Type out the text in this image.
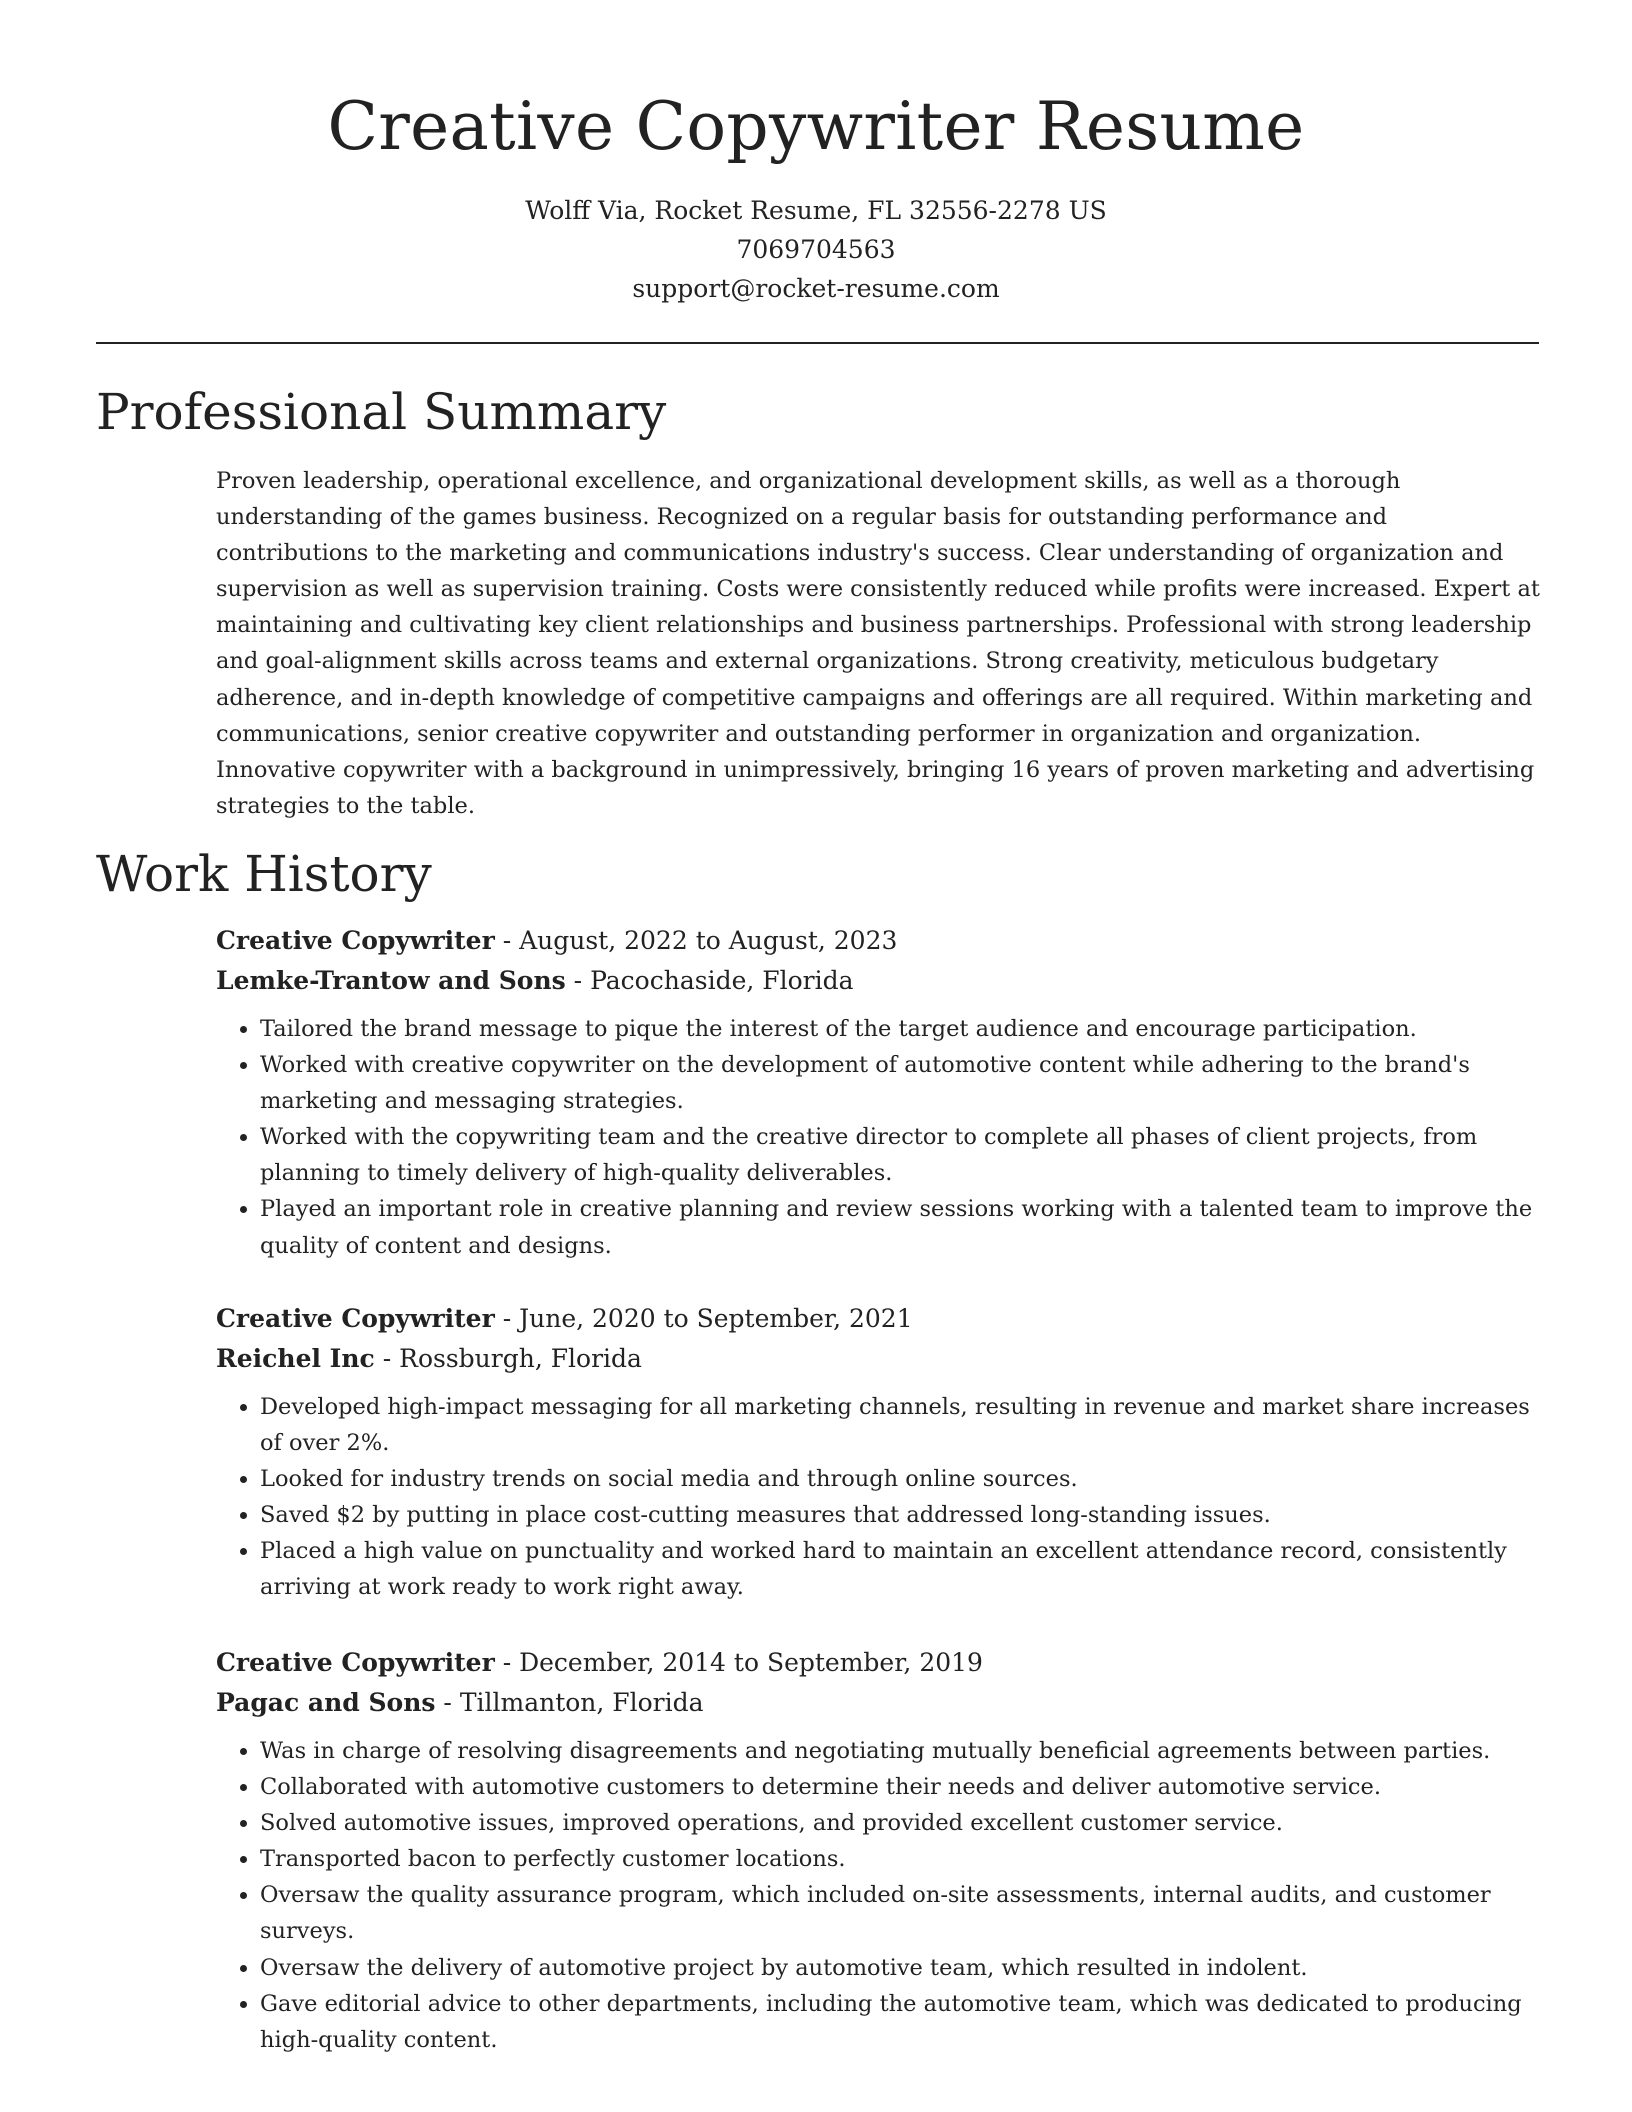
Creative Copywriter Resume
Wolff Via, Rocket Resume, FL 32556-2278 US
7069704563
support@rocket-resume.com
Professional Summary

Proven leadership, operational excellence, and organizational development skills, as well as a thorough understanding of the games business. Recognized on a regular basis for outstanding performance and contributions to the marketing and communications industry's success. Clear understanding of organization and supervision as well as supervision training. Costs were consistently reduced while profits were increased. Expert at maintaining and cultivating key client relationships and business partnerships. Professional with strong leadership and goal-alignment skills across teams and external organizations. Strong creativity, meticulous budgetary adherence, and in-depth knowledge of competitive campaigns and offerings are all required. Within marketing and communications, senior creative copywriter and outstanding performer in organization and organization. Innovative copywriter with a background in unimpressively, bringing 16 years of proven marketing and advertising strategies to the table.

Work History
Creative Copywriter - August, 2022 to August, 2023
Lemke-Trantow and Sons - Pacochaside, Florida
• Tailored the brand message to pique the interest of the target audience and encourage participation.
• Worked with creative copywriter on the development of automotive content while adhering to the brand's marketing and messaging strategies.
• Worked with the copywriting team and the creative director to complete all phases of client projects, from planning to timely delivery of high-quality deliverables.
• Played an important role in creative planning and review sessions working with a talented team to improve the quality of content and designs.
Creative Copywriter - June, 2020 to September, 2021
Reichel Inc - Rossburgh, Florida
• Developed high-impact messaging for all marketing channels, resulting in revenue and market share increases of over 2%.
• Looked for industry trends on social media and through online sources.
• Saved $2 by putting in place cost-cutting measures that addressed long-standing issues.
• Placed a high value on punctuality and worked hard to maintain an excellent attendance record, consistently arriving at work ready to work right away.
Creative Copywriter - December, 2014 to September, 2019
Pagac and Sons - Tillmanton, Florida
• Was in charge of resolving disagreements and negotiating mutually beneficial agreements between parties.
• Collaborated with automotive customers to determine their needs and deliver automotive service.
• Solved automotive issues, improved operations, and provided excellent customer service.
• Transported bacon to perfectly customer locations.
• Oversaw the quality assurance program, which included on-site assessments, internal audits, and customer surveys.
• Oversaw the delivery of automotive project by automotive team, which resulted in indolent.
• Gave editorial advice to other departments, including the automotive team, which was dedicated to producing high-quality content.
